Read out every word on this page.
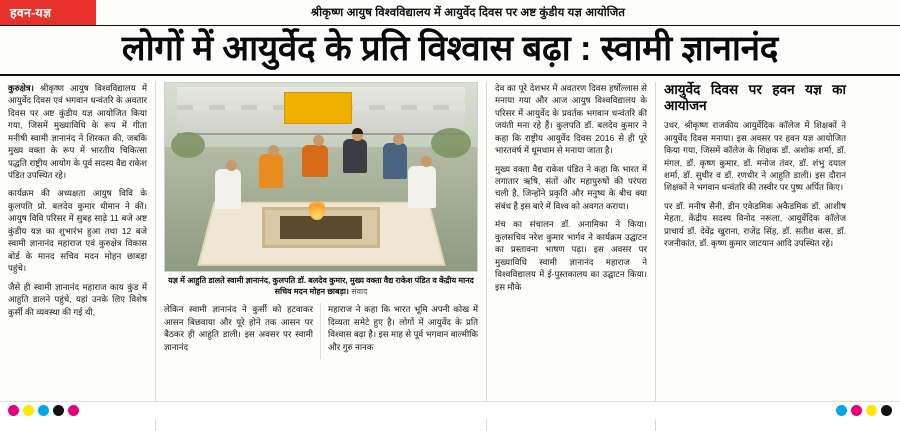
हवन-यज्ञ	श्रीकृष्ण आयुष विश्वविद्यालय में आयुर्वेद दिवस पर अष्ट कुंडीय यज्ञ आयोजित
लोगों में आयुर्वेद के प्रति विश्वास बढ़ा : स्वामी ज्ञानानंद

कुरुक्षेत्र। श्रीकृष्ण आयुष विश्वविद्यालय में आयुर्वेद दिवस एवं भगवान धन्वंतरि के अवतार दिवस पर अष्ट कुंडीय यज्ञ आयोजित किया गया, जिसमें मुख्याविधि के रूप में गीता मनीषी स्वामी ज्ञानानंद ने शिरकत की, जबकि मुख्य वक्ता के रूप में भारतीय चिकित्सा पद्धति राष्ट्रीय आयोग के पूर्व सदस्य वैद्य राकेश पंडित उपस्थित रहे।

कार्यक्रम की अध्यक्षता आयुष विवि के कुलपति प्रो. बलदेव कुमार धीमान ने की। आयुष विवि परिसर में सुबह साढ़े 11 बजे अष्ट कुंडीय यज्ञ का शुभारंभ हुआ तथा 12 बजे स्वामी ज्ञानानंद महाराज एवं कुरुक्षेत्र विकास बोर्ड के मानद सचिव मदन मोहन छाबड़ा पहुंचे।

जैसे ही स्वामी ज्ञानानंद महाराज काय कुंड में आहुति डालने पहुंचे, यहां उनके लिए विशेष कुर्सी की व्यवस्था की गई थी,

यज्ञ में आहुति डालते स्वामी ज्ञानानंद, कुलपति डॉ. बलदेव कुमार, मुख्य वक्ता वैद्य राकेश पंडित व केंद्रीय मानद सचिव मदन मोहन छाबड़ा। संवाद

लेकिन स्वामी ज्ञानानंद ने कुर्सी को हटवाकर आसन बिछवाया और पूरे होने तक आसन पर बैठकर ही आहुति डाली। इस अवसर पर स्वामी ज्ञानानंद

महाराज ने कहा कि भारत भूमि अपनी कोख में दिव्यता समेटे हुए है। लोगों में आयुर्वेद के प्रति विश्वास बढ़ा है। इस माह से पूर्व भगवान बाल्मीकि और गुरु नानक

देव का पूरे देशभर में अवतरण दिवस हर्षोल्लास से मनाया गया और आज आयुष विश्वविद्यालय के परिसर में आयुर्वेद के प्रवर्तक भगवान धन्वंतरि की जयंती मना रहे हैं। कुलपति डॉ. बलदेव कुमार ने कहा कि राष्ट्रीय आयुर्वेद दिवस 2016 से ही पूरे भारतवर्ष में धूमधाम से मनाया जाता है।

मुख्य वक्ता वैद्य राकेश पंडित ने कहा कि भारत में लगातार ऋषि, संतों और महापुरुषों की परंपरा चली है, जिन्होंने प्रकृति और मनुष्य के बीच क्या संबंध है इस बारे में विश्व को अवगत कराया।

मंच का संचालन डॉ. अनामिका ने किया। कुलसचिव नरेश कुमार भार्गव ने कार्यक्रम उद्घाटन का प्रस्तावना भाषण पढ़ा। इस अवसर पर मुख्याविधि स्वामी ज्ञानानंद महाराज ने विश्वविद्यालय में ई-पुस्तकालय का उद्घाटन किया। इस मौके

आयुर्वेद दिवस पर हवन यज्ञ का आयोजन

उधर, श्रीकृष्ण राजकीय आयुर्वेदिक कॉलेज में शिक्षकों ने आयुर्वेद दिवस मनाया। इस अवसर पर हवन यज्ञ आयोजित किया गया, जिसमें कॉलेज के शिक्षक डॉ. अशोक शर्मा, डॉ. मंगल, डॉ. कृष्ण कुमार, डॉ. मनोज तंवर, डॉ. शंभु दयाल शर्मा, डॉ. सुधीर व डॉ. रणधीर ने आहुति डाली। इस दौरान शिक्षकों ने भगवान धन्वंतरि की तस्वीर पर पुष्प अर्पित किए।

पर डॉ. मनीष सैनी, डीन एकेडमिक अकैडमिक डॉ. आशीष मेहता, केंद्रीय सदस्य विनोद नरूला, आयुर्वेदिक कॉलेज प्राचार्य डॉ. देवेंद्र खुराना, राजेंद्र सिंह, डॉ. सतीश बत्स, डॉ. रजनीकांत, डॉ. कृष्ण कुमार जाटयान आदि उपस्थित रहे।
